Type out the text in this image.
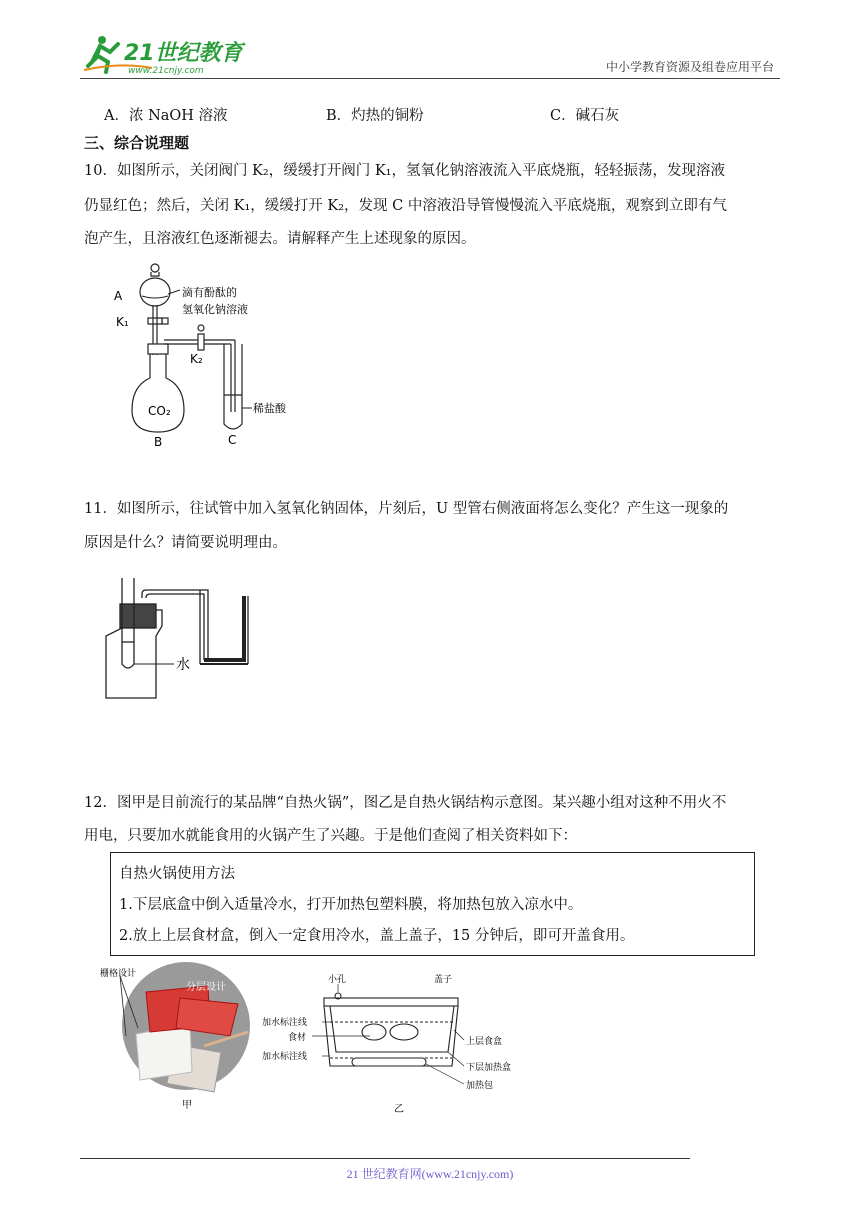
21世纪教育
www.21cnjy.com	中小学教育资源及组卷应用平台
A．浓 NaOH 溶液	B．灼热的铜粉	C．碱石灰
三、综合说理题
10．如图所示，关闭阀门 K₂，缓缓打开阀门 K₁，氢氧化钠溶液流入平底烧瓶，轻轻振荡，发现溶液
仍显红色；然后，关闭 K₁，缓缓打开 K₂，发现 C 中溶液沿导管慢慢流入平底烧瓶，观察到立即有气
泡产生，且溶液红色逐渐褪去。请解释产生上述现象的原因。
A
K₁
K₂
CO₂
B	C
滴有酚酞的
氢氧化钠溶液
稀盐酸
11．如图所示，往试管中加入氢氧化钠固体，片刻后，U 型管右侧液面将怎么变化？产生这一现象的
原因是什么？请简要说明理由。
水
12．图甲是目前流行的某品牌“自热火锅”，图乙是自热火锅结构示意图。某兴趣小组对这种不用火不
用电，只要加水就能食用的火锅产生了兴趣。于是他们查阅了相关资料如下：
自热火锅使用方法
1.下层底盒中倒入适量冷水，打开加热包塑料膜，将加热包放入凉水中。
2.放上上层食材盒，倒入一定食用冷水，盖上盖子，15 分钟后，即可开盖食用。
栅格设计
分层设计
甲
小孔	盖子
加水标注线
食材
加水标注线
上层食盒
下层加热盒
加热包
乙
21 世纪教育网(www.21cnjy.com)
